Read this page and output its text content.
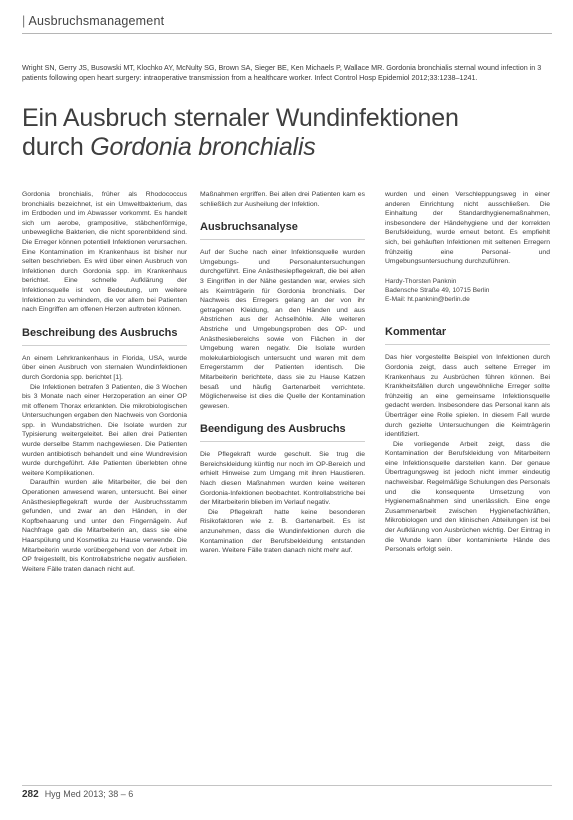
| Ausbruchsmanagement
Wright SN, Gerry JS, Busowski MT, Klochko AY, McNulty SG, Brown SA, Sieger BE, Ken Michaels P, Wallace MR. Gordonia bronchialis sternal wound infection in 3 patients following open heart surgery: intraoperative transmission from a healthcare worker. Infect Control Hosp Epidemiol 2012;33:1238–1241.
Ein Ausbruch sternaler Wundinfektionen
durch Gordonia bronchialis

Gordonia bronchialis, früher als Rhodococcus bronchialis bezeichnet, ist ein Umweltbakterium, das im Erdboden und im Abwasser vorkommt. Es handelt sich um aerobe, grampositive, stäbchenförmige, unbewegliche Bakterien, die nicht sporenbildend sind. Die Erreger können potentiell Infektionen verursachen. Eine Kontamination im Krankenhaus ist bisher nur selten beschrieben. Es wird über einen Ausbruch von Infektionen durch Gordonia spp. im Krankenhaus berichtet. Eine schnelle Aufklärung der Infektionsquelle ist von Bedeutung, um weitere Infektionen zu verhindern, die vor allem bei Patienten nach Eingriffen am offenen Herzen auftreten können.

Beschreibung des Ausbruchs

An einem Lehrkrankenhaus in Florida, USA, wurde über einen Ausbruch von sternalen Wundinfektionen durch Gordonia spp. berichtet [1].

Die Infektionen betrafen 3 Patienten, die 3 Wochen bis 3 Monate nach einer Herzoperation an einer OP mit offenem Thorax erkrankten. Die mikrobiologischen Untersuchungen ergaben den Nachweis von Gordonia spp. in Wundabstrichen. Die Isolate wurden zur Typisierung weitergeleitet. Bei allen drei Patienten wurde derselbe Stamm nachgewiesen. Die Patienten wurden antibiotisch behandelt und eine Wundrevision wurde durchgeführt. Alle Patienten überlebten ohne weitere Komplikationen.

Daraufhin wurden alle Mitarbeiter, die bei den Operationen anwesend waren, untersucht. Bei einer Anästhesiepflegekraft wurde der Ausbruchsstamm gefunden, und zwar an den Händen, in der Kopfbehaarung und unter den Fingernägeln. Auf Nachfrage gab die Mitarbeiterin an, dass sie eine Haarspülung und Kosmetika zu Hause verwende. Die Mitarbeiterin wurde vorübergehend von der Arbeit im OP freigestellt, bis Kontrollabstriche negativ ausfielen. Weitere Fälle traten danach nicht auf.

Maßnahmen ergriffen. Bei allen drei Patienten kam es schließlich zur Ausheilung der Infektion.

Ausbruchsanalyse

Auf der Suche nach einer Infektionsquelle wurden Umgebungs- und Personaluntersuchungen durchgeführt. Eine Anästhesiepflegekraft, die bei allen 3 Eingriffen in der Nähe gestanden war, erwies sich als Keimträgerin für Gordonia bronchialis. Der Nachweis des Erregers gelang an der von ihr getragenen Kleidung, an den Händen und aus Abstrichen aus der Achselhöhle. Alle weiteren Abstriche und Umgebungsproben des OP- und Anästhesiebereichs sowie von Flächen in der Umgebung waren negativ. Die Isolate wurden molekularbiologisch untersucht und waren mit dem Erregerstamm der Patienten identisch. Die Mitarbeiterin berichtete, dass sie zu Hause Katzen besaß und häufig Gartenarbeit verrichtete. Möglicherweise ist dies die Quelle der Kontamination gewesen.

Beendigung des Ausbruchs

Die Pflegekraft wurde geschult. Sie trug die Bereichskleidung künftig nur noch im OP-Bereich und erhielt Hinweise zum Umgang mit ihren Haustieren. Nach diesen Maßnahmen wurden keine weiteren Gordonia-Infektionen beobachtet. Kontrollabstriche bei der Mitarbeiterin blieben im Verlauf negativ.

Die Pflegekraft hatte keine besonderen Risikofaktoren wie z. B. Gartenarbeit. Es ist anzunehmen, dass die Wundinfektionen durch die Kontamination der Berufsbekleidung entstanden waren. Weitere Fälle traten danach nicht mehr auf.

wurden und einen Verschleppungsweg in einer anderen Einrichtung nicht ausschließen. Die Einhaltung der Standardhygienemaßnahmen, insbesondere der Händehygiene und der korrekten Berufskleidung, wurde erneut betont. Es empfiehlt sich, bei gehäuften Infektionen mit seltenen Erregern frühzeitig eine Personal- und Umgebungsuntersuchung durchzuführen.

Hardy-Thorsten Panknin
Badensche Straße 49, 10715 Berlin
E-Mail: ht.panknin@berlin.de
Kommentar

Das hier vorgestellte Beispiel von Infektionen durch Gordonia zeigt, dass auch seltene Erreger im Krankenhaus zu Ausbrüchen führen können. Bei Krankheitsfällen durch ungewöhnliche Erreger sollte frühzeitig an eine gemeinsame Infektionsquelle gedacht werden. Insbesondere das Personal kann als Überträger eine Rolle spielen. In diesem Fall wurde durch gezielte Untersuchungen die Keimträgerin identifiziert.

Die vorliegende Arbeit zeigt, dass die Kontamination der Berufskleidung von Mitarbeitern eine Infektionsquelle darstellen kann. Der genaue Übertragungsweg ist jedoch nicht immer eindeutig nachweisbar. Regelmäßige Schulungen des Personals und die konsequente Umsetzung von Hygienemaßnahmen sind unerlässlich. Eine enge Zusammenarbeit zwischen Hygienefachkräften, Mikrobiologen und den klinischen Abteilungen ist bei der Aufklärung von Ausbrüchen wichtig. Der Eintrag in die Wunde kann über kontaminierte Hände des Personals erfolgt sein.

282 Hyg Med 2013; 38 – 6
